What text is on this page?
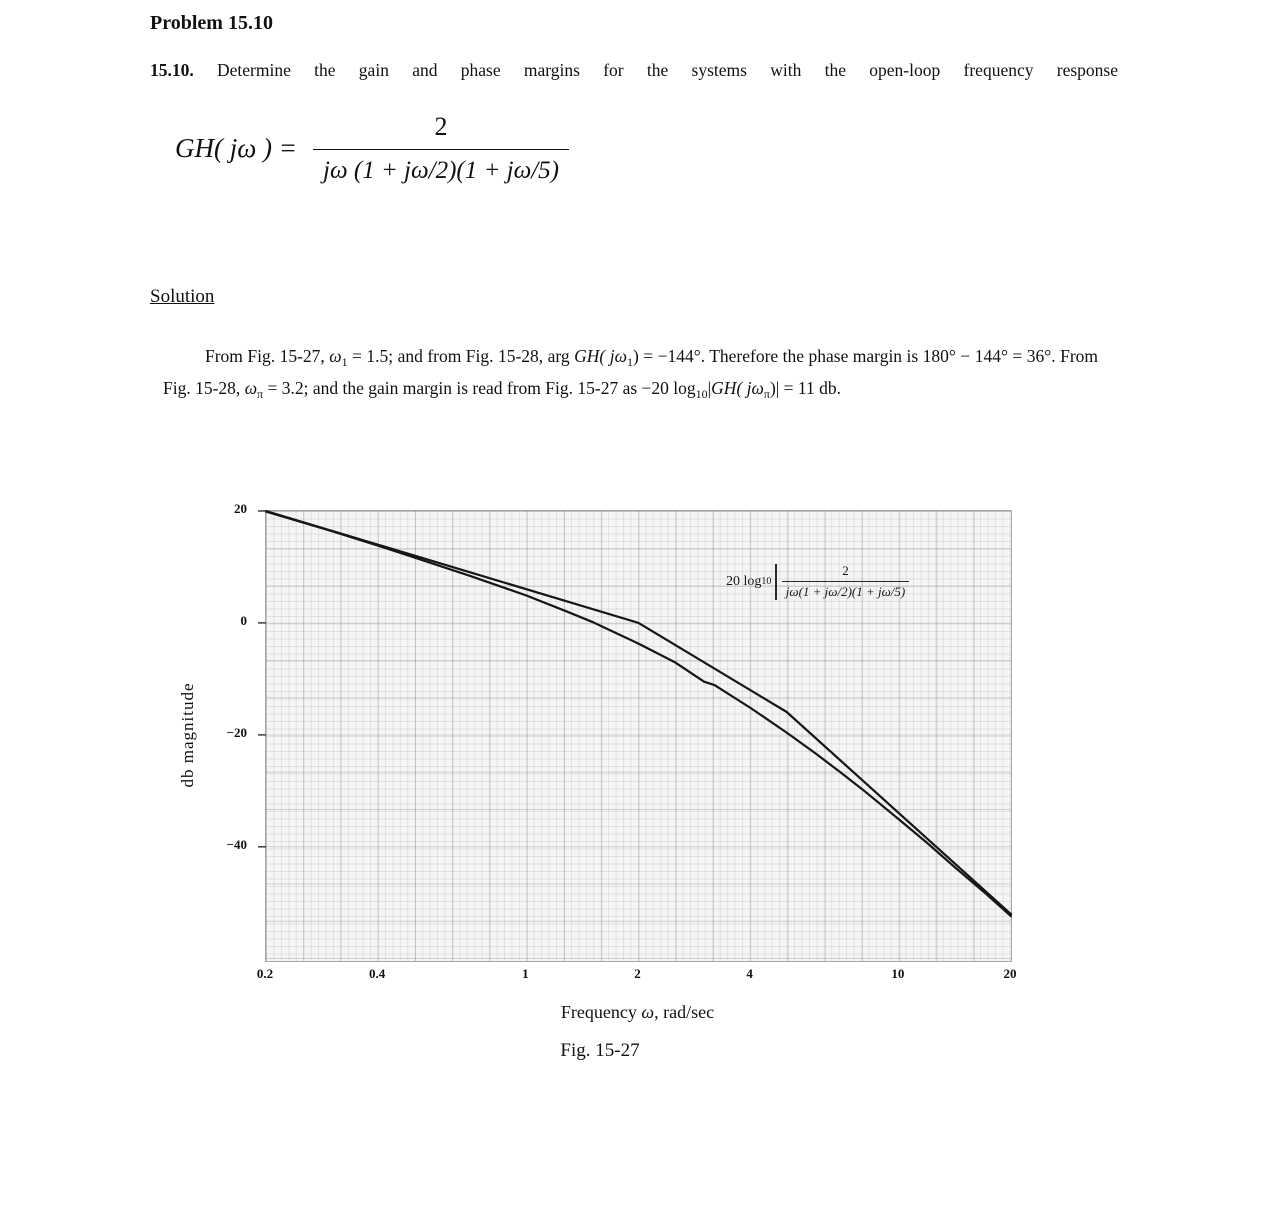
Problem 15.10
15.10. Determine the gain and phase margins for the systems with the open-loop frequency response
GH( jω ) = $\frac{2}{j\omega (1 + j\omega/2)(1 + j\omega/5)}$
Solution
From Fig. 15-27, $\omega_1 = 1.5$; and from Fig. 15-28, arg GH( $j\omega_1) = -144^\circ$. Therefore the phase margin is 180° − 144° = 36°. From Fig. 15-28, $\omega_\pi = 3.2$; and the gain margin is read from Fig. 15-27 as −20 $\log_{10}|GH$( $j\omega_\pi)| = 11$ db.
20 $\log 10 \frac{2}{j\omega(1 + j\omega/2)(1 + j\omega/5)}$
20
0
−20
−40
0.2	0.4	1	2	4	10	20
db magnitude
Frequency ω, rad/sec
Fig. 15-27
